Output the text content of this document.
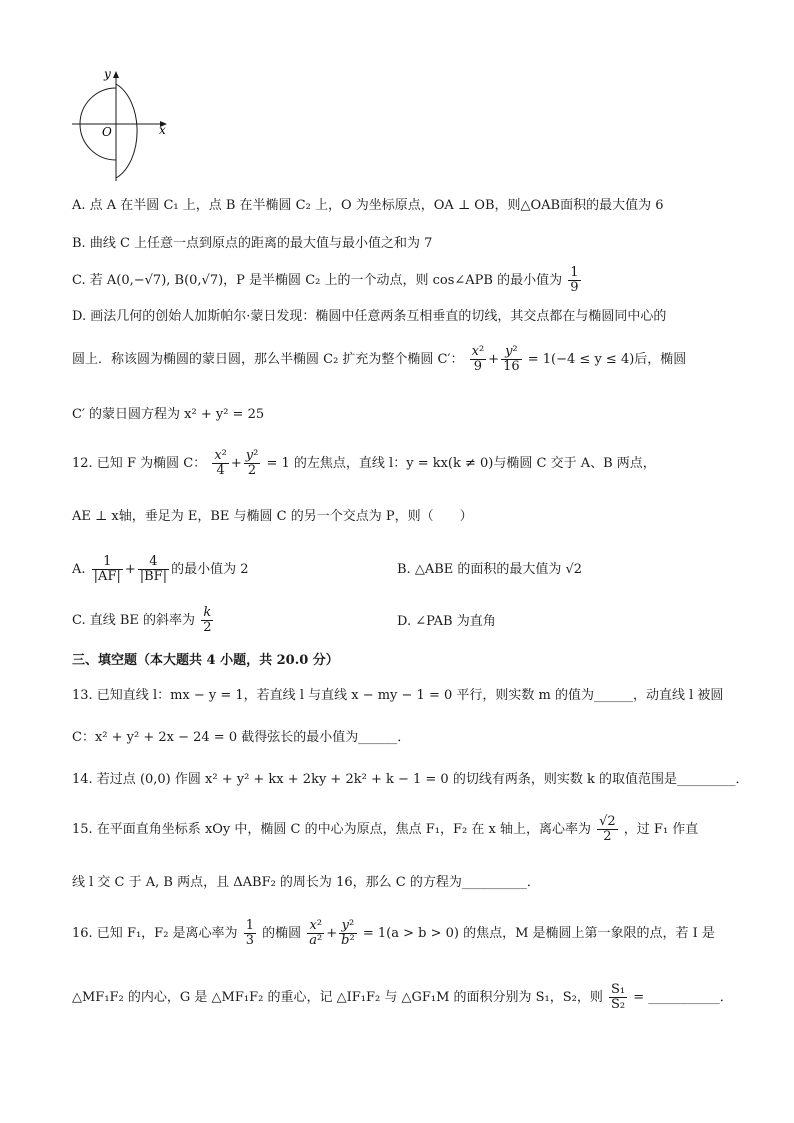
y
x
O
A. 点 A 在半圆 C₁ 上，点 B 在半椭圆 C₂ 上，O 为坐标原点，OA ⊥ OB，则△OAB面积的最大值为 6
B. 曲线 C 上任意一点到原点的距离的最大值与最小值之和为 7
C. 若 A(0,−√7), B(0,√7)，P 是半椭圆 C₂ 上的一个动点，则 cos∠APB 的最小值为 $\frac{1}{9}$
D. 画法几何的创始人加斯帕尔·蒙日发现：椭圆中任意两条互相垂直的切线，其交点都在与椭圆同中心的
圆上．称该圆为椭圆的蒙日圆，那么半椭圆 C₂ 扩充为整个椭圆 C′： $\frac{\text{x²}}{9} + \frac{\text{y²}}{16} = 1(-4 \le y \le 4)$后，椭圆
C′ 的蒙日圆方程为 x² + y² = 25
12. 已知 F 为椭圆 C： $\frac{\text{x²}}{4} + \frac{\text{y²}}{2} = 1$ 的左焦点，直线 l：y = kx(k ≠ 0)与椭圆 C 交于 A、B 两点，
AE ⊥ x轴，垂足为 E，BE 与椭圆 C 的另一个交点为 P，则（　　）
A. $\frac{1}{|AF|} + \frac{4}{|BF|}$ 的最小值为 2	B. △ABE 的面积的最大值为 √2
C. 直线 BE 的斜率为 $\frac{k}{2}$	D. ∠PAB 为直角
三、填空题（本大题共 4 小题，共 20.0 分）
13. 已知直线 l：mx − y = 1，若直线 l 与直线 x − my − 1 = 0 平行，则实数 m 的值为______，动直线 l 被圆
C：x² + y² + 2x − 24 = 0 截得弦长的最小值为______．
14. 若过点 (0,0) 作圆 x² + y² + kx + 2ky + 2k² + k − 1 = 0 的切线有两条，则实数 k 的取值范围是_________．
15. 在平面直角坐标系 xOy 中，椭圆 C 的中心为原点，焦点 F₁，F₂ 在 x 轴上，离心率为 $\frac{√2}{2}$ ，过 F₁ 作直
线 l 交 C 于 A, B 两点，且 ΔABF₂ 的周长为 16，那么 C 的方程为__________．
16. 已知 F₁，F₂ 是离心率为 $\frac{1}{3}$ 的椭圆 $\frac{\text{x²}}{\text{a²}} + \frac{\text{y²}}{\text{b²}} = 1(a > b > 0)$ 的焦点，M 是椭圆上第一象限的点，若 I 是
△MF₁F₂ 的内心，G 是 △MF₁F₂ 的重心，记 △IF₁F₂ 与 △GF₁M 的面积分别为 S₁，S₂，则 $\frac{\text{S₁}}{\text{S₂}}$ = ___________．
